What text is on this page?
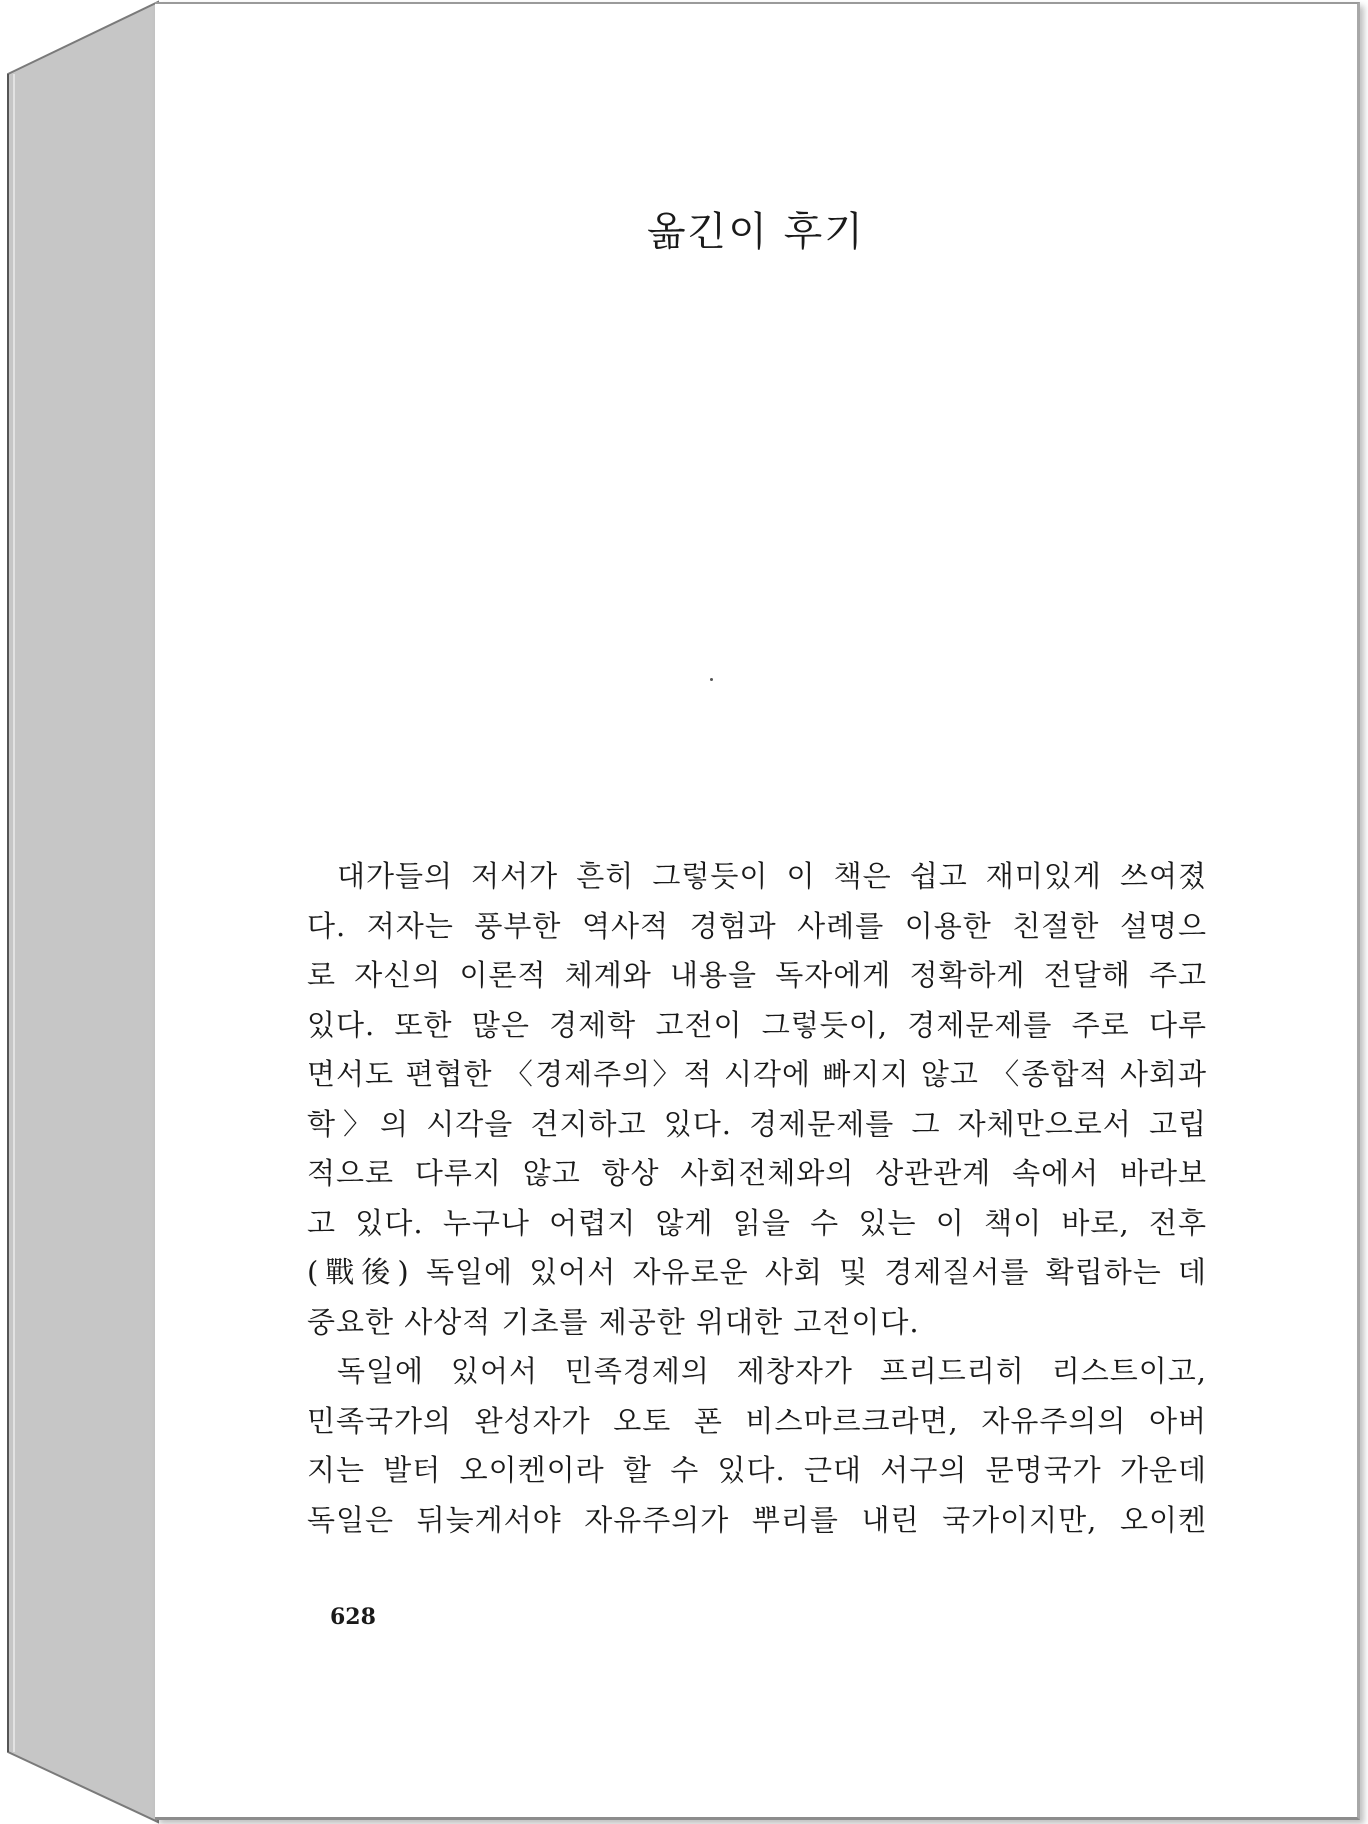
옮긴이 후기
대가들의 저서가 흔히 그렇듯이 이 책은 쉽고 재미있게 쓰여졌
다. 저자는 풍부한 역사적 경험과 사례를 이용한 친절한 설명으
로 자신의 이론적 체계와 내용을 독자에게 정확하게 전달해 주고
있다. 또한 많은 경제학 고전이 그렇듯이, 경제문제를 주로 다루
면서도 편협한 〈경제주의〉적 시각에 빠지지 않고 〈종합적 사회과
학〉의 시각을 견지하고 있다. 경제문제를 그 자체만으로서 고립
적으로 다루지 않고 항상 사회전체와의 상관관계 속에서 바라보
고 있다. 누구나 어렵지 않게 읽을 수 있는 이 책이 바로, 전후
(戰後) 독일에 있어서 자유로운 사회 및 경제질서를 확립하는 데
중요한 사상적 기초를 제공한 위대한 고전이다.
독일에 있어서 민족경제의 제창자가 프리드리히 리스트이고,
민족국가의 완성자가 오토 폰 비스마르크라면, 자유주의의 아버
지는 발터 오이켄이라 할 수 있다. 근대 서구의 문명국가 가운데
독일은 뒤늦게서야 자유주의가 뿌리를 내린 국가이지만, 오이켄
628
